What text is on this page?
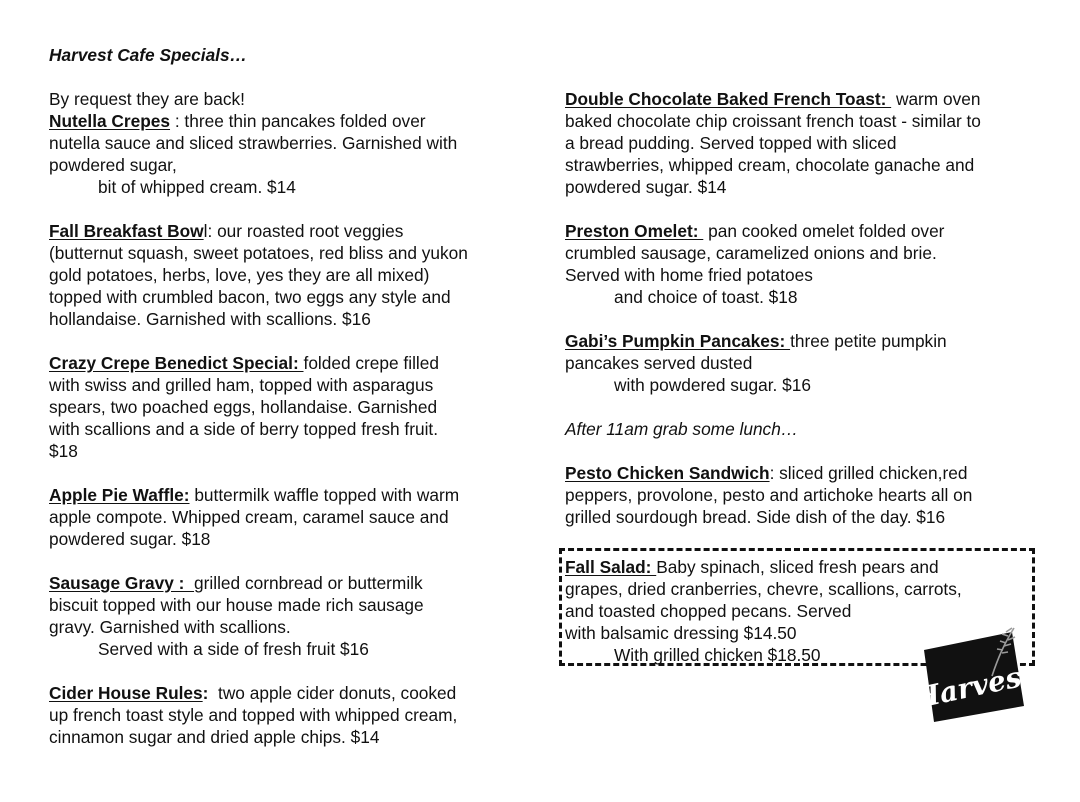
Harvest Cafe Specials…
By request they are back!
Nutella Crepes : three thin pancakes folded over
nutella sauce and sliced strawberries. Garnished with
powdered sugar,
bit of whipped cream. $14
Fall Breakfast Bowl: our roasted root veggies
(butternut squash, sweet potatoes, red bliss and yukon
gold potatoes, herbs, love, yes they are all mixed)
topped with crumbled bacon, two eggs any style and
hollandaise. Garnished with scallions. $16
Crazy Crepe Benedict Special: folded crepe filled
with swiss and grilled ham, topped with asparagus
spears, two poached eggs, hollandaise. Garnished
with scallions and a side of berry topped fresh fruit.
$18
Apple Pie Waffle: buttermilk waffle topped with warm
apple compote. Whipped cream, caramel sauce and
powdered sugar. $18
Sausage Gravy :  grilled cornbread or buttermilk
biscuit topped with our house made rich sausage
gravy. Garnished with scallions.
Served with a side of fresh fruit $16
Cider House Rules:  two apple cider donuts, cooked
up french toast style and topped with whipped cream,
cinnamon sugar and dried apple chips. $14
Double Chocolate Baked French Toast:  warm oven
baked chocolate chip croissant french toast - similar to
a bread pudding. Served topped with sliced
strawberries, whipped cream, chocolate ganache and
powdered sugar. $14
Preston Omelet:  pan cooked omelet folded over
crumbled sausage, caramelized onions and brie.
Served with home fried potatoes
and choice of toast. $18
Gabi’s Pumpkin Pancakes: three petite pumpkin
pancakes served dusted
with powdered sugar. $16
After 11am grab some lunch…
Pesto Chicken Sandwich: sliced grilled chicken,red
peppers, provolone, pesto and artichoke hearts all on
grilled sourdough bread. Side dish of the day. $16
Fall Salad: Baby spinach, sliced fresh pears and
grapes, dried cranberries, chevre, scallions, carrots,
and toasted chopped pecans. Served
with balsamic dressing $14.50
With grilled chicken $18.50
Harvest
